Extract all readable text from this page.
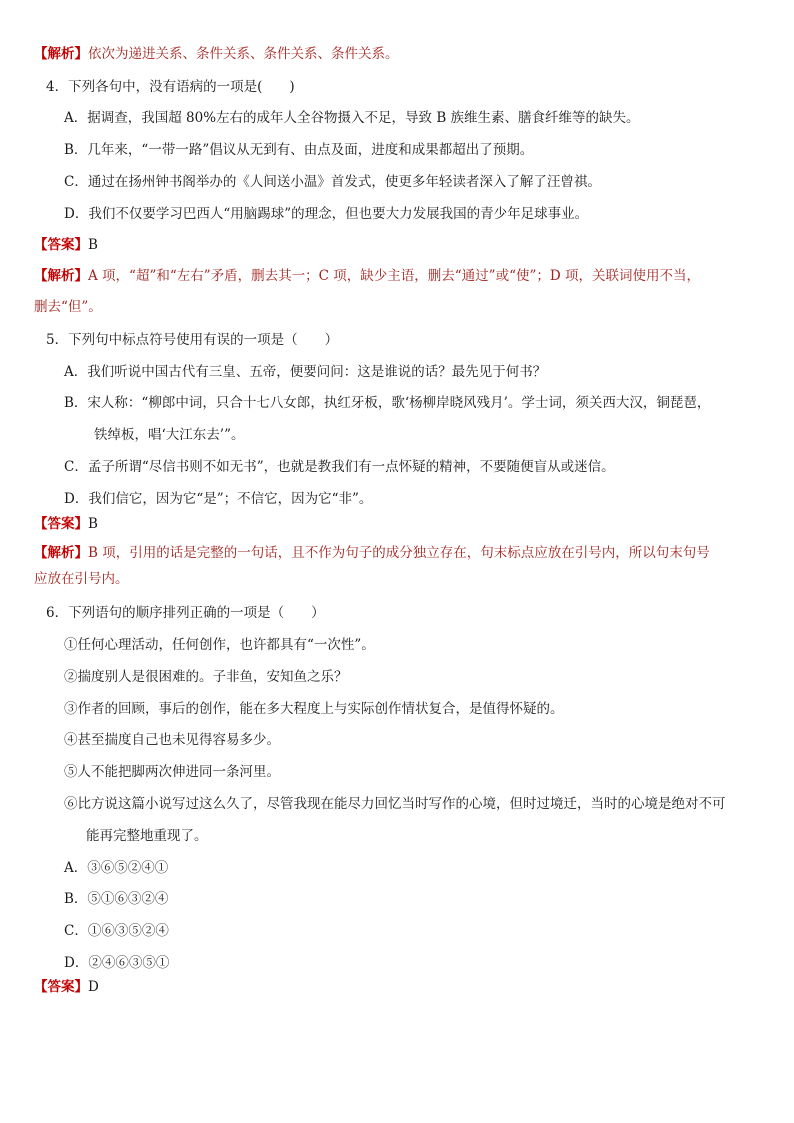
【解析】依次为递进关系、条件关系、条件关系、条件关系。
4．下列各句中，没有语病的一项是(　　)
A．据调查，我国超 80%左右的成年人全谷物摄入不足，导致 B 族维生素、膳食纤维等的缺失。
B．几年来，“一带一路”倡议从无到有、由点及面，进度和成果都超出了预期。
C．通过在扬州钟书阁举办的《人间送小温》首发式，使更多年轻读者深入了解了汪曾祺。
D．我们不仅要学习巴西人“用脑踢球”的理念，但也要大力发展我国的青少年足球事业。
【答案】B
【解析】A 项，“超”和“左右”矛盾，删去其一；C 项，缺少主语，删去“通过”或“使”；D 项，关联词使用不当，
删去“但”。
5．下列句中标点符号使用有误的一项是（　　）
A．我们听说中国古代有三皇、五帝，便要问问：这是谁说的话？最先见于何书？
B．宋人称：“柳郎中词，只合十七八女郎，执红牙板，歌‘杨柳岸晓风残月’。学士词，须关西大汉，铜琵琶，
铁绰板，唱‘大江东去’”。
C．孟子所谓“尽信书则不如无书”，也就是教我们有一点怀疑的精神，不要随便盲从或迷信。
D．我们信它，因为它“是”；不信它，因为它“非”。
【答案】B
【解析】B 项，引用的话是完整的一句话，且不作为句子的成分独立存在，句末标点应放在引号内，所以句末句号
应放在引号内。
6．下列语句的顺序排列正确的一项是（　　）
①任何心理活动，任何创作，也许都具有“一次性”。
②揣度别人是很困难的。子非鱼，安知鱼之乐？
③作者的回顾，事后的创作，能在多大程度上与实际创作情状复合，是值得怀疑的。
④甚至揣度自己也未见得容易多少。
⑤人不能把脚两次伸进同一条河里。
⑥比方说这篇小说写过这么久了，尽管我现在能尽力回忆当时写作的心境，但时过境迁，当时的心境是绝对不可
能再完整地重现了。
A．③⑥⑤②④①
B．⑤①⑥③②④
C．①⑥③⑤②④
D．②④⑥③⑤①
【答案】D
